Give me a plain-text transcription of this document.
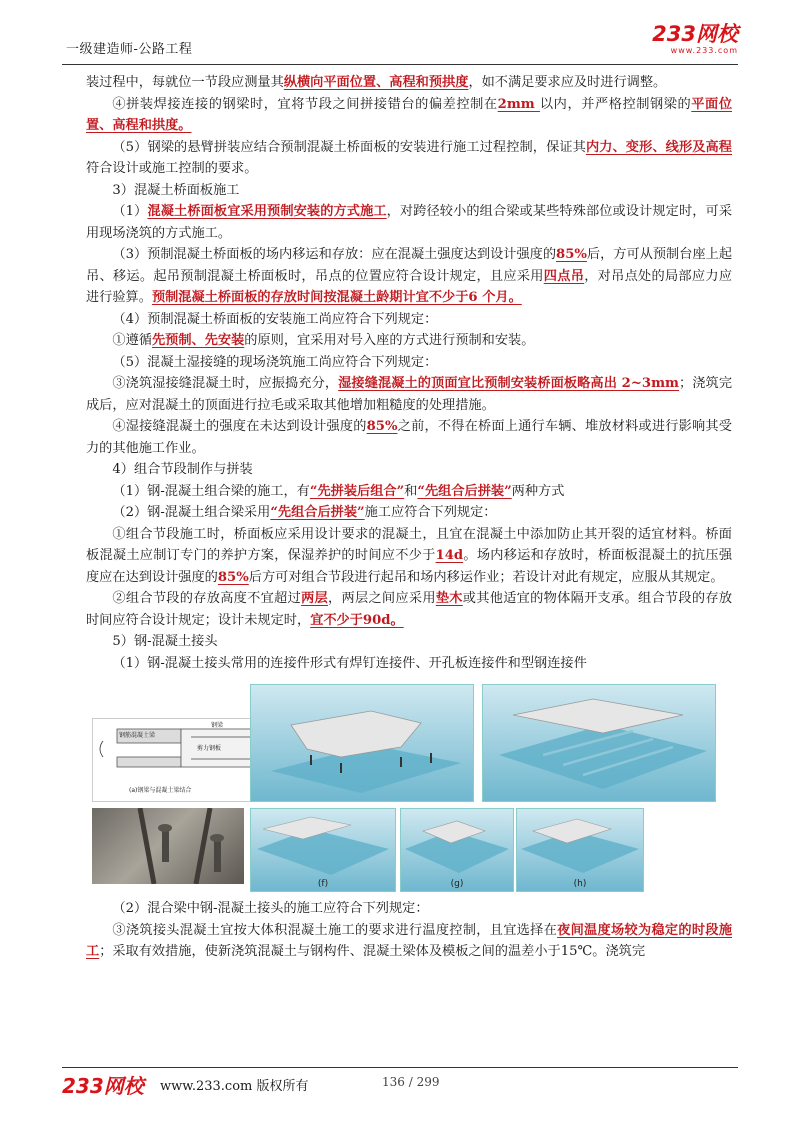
一级建造师-公路工程
233网校
www.233.com

装过程中，每就位一节段应测量其纵横向平面位置、高程和预拱度，如不满足要求应及时进行调整。

④拼装焊接连接的钢梁时，宜将节段之间拼接错台的偏差控制在2mm 以内，并严格控制钢梁的平面位置、高程和拱度。

（5）钢梁的悬臂拼装应结合预制混凝土桥面板的安装进行施工过程控制，保证其内力、变形、线形及高程符合设计或施工控制的要求。

3）混凝土桥面板施工

（1）混凝土桥面板宜采用预制安装的方式施工，对跨径较小的组合梁或某些特殊部位或设计规定时，可采用现场浇筑的方式施工。

（3）预制混凝土桥面板的场内移运和存放：应在混凝土强度达到设计强度的85%后，方可从预制台座上起吊、移运。起吊预制混凝土桥面板时，吊点的位置应符合设计规定，且应采用四点吊，对吊点处的局部应力应进行验算。预制混凝土桥面板的存放时间按混凝土龄期计宜不少于6 个月。

（4）预制混凝土桥面板的安装施工尚应符合下列规定：

①遵循先预制、先安装的原则，宜采用对号入座的方式进行预制和安装。

（5）混凝土湿接缝的现场浇筑施工尚应符合下列规定：

③浇筑湿接缝混凝土时，应振捣充分，湿接缝混凝土的顶面宜比预制安装桥面板略高出 2~3mm；浇筑完成后，应对混凝土的顶面进行拉毛或采取其他增加粗糙度的处理措施。

④湿接缝混凝土的强度在未达到设计强度的85%之前，不得在桥面上通行车辆、堆放材料或进行影响其受力的其他施工作业。

4）组合节段制作与拼装

（1）钢-混凝土组合梁的施工，有“先拼装后组合”和“先组合后拼装”两种方式

（2）钢-混凝土组合梁采用“先组合后拼装”施工应符合下列规定：

①组合节段施工时，桥面板应采用设计要求的混凝土，且宜在混凝土中添加防止其开裂的适宜材料。桥面板混凝土应制订专门的养护方案，保湿养护的时间应不少于14d。场内移运和存放时，桥面板混凝土的抗压强度应在达到设计强度的85%后方可对组合节段进行起吊和场内移运作业；若设计对此有规定，应服从其规定。

②组合节段的存放高度不宜超过两层，两层之间应采用垫木或其他适宜的物体隔开支承。组合节段的存放时间应符合设计规定；设计未规定时，宜不少于90d。

5）钢-混凝土接头

（1）钢-混凝土接头常用的连接件形式有焊钉连接件、开孔板连接件和型钢连接件

钢筋混凝土梁
钢梁
剪力钢板
(a)钢梁与混凝土梁结合
(f)	(g)	(h)

（2）混合梁中钢-混凝土接头的施工应符合下列规定：

③浇筑接头混凝土宜按大体积混凝土施工的要求进行温度控制，且宜选择在夜间温度场较为稳定的时段施工；采取有效措施，使新浇筑混凝土与钢构件、混凝土梁体及模板之间的温差小于15℃。浇筑完

233网校 www.233.com 版权所有	136 / 299
